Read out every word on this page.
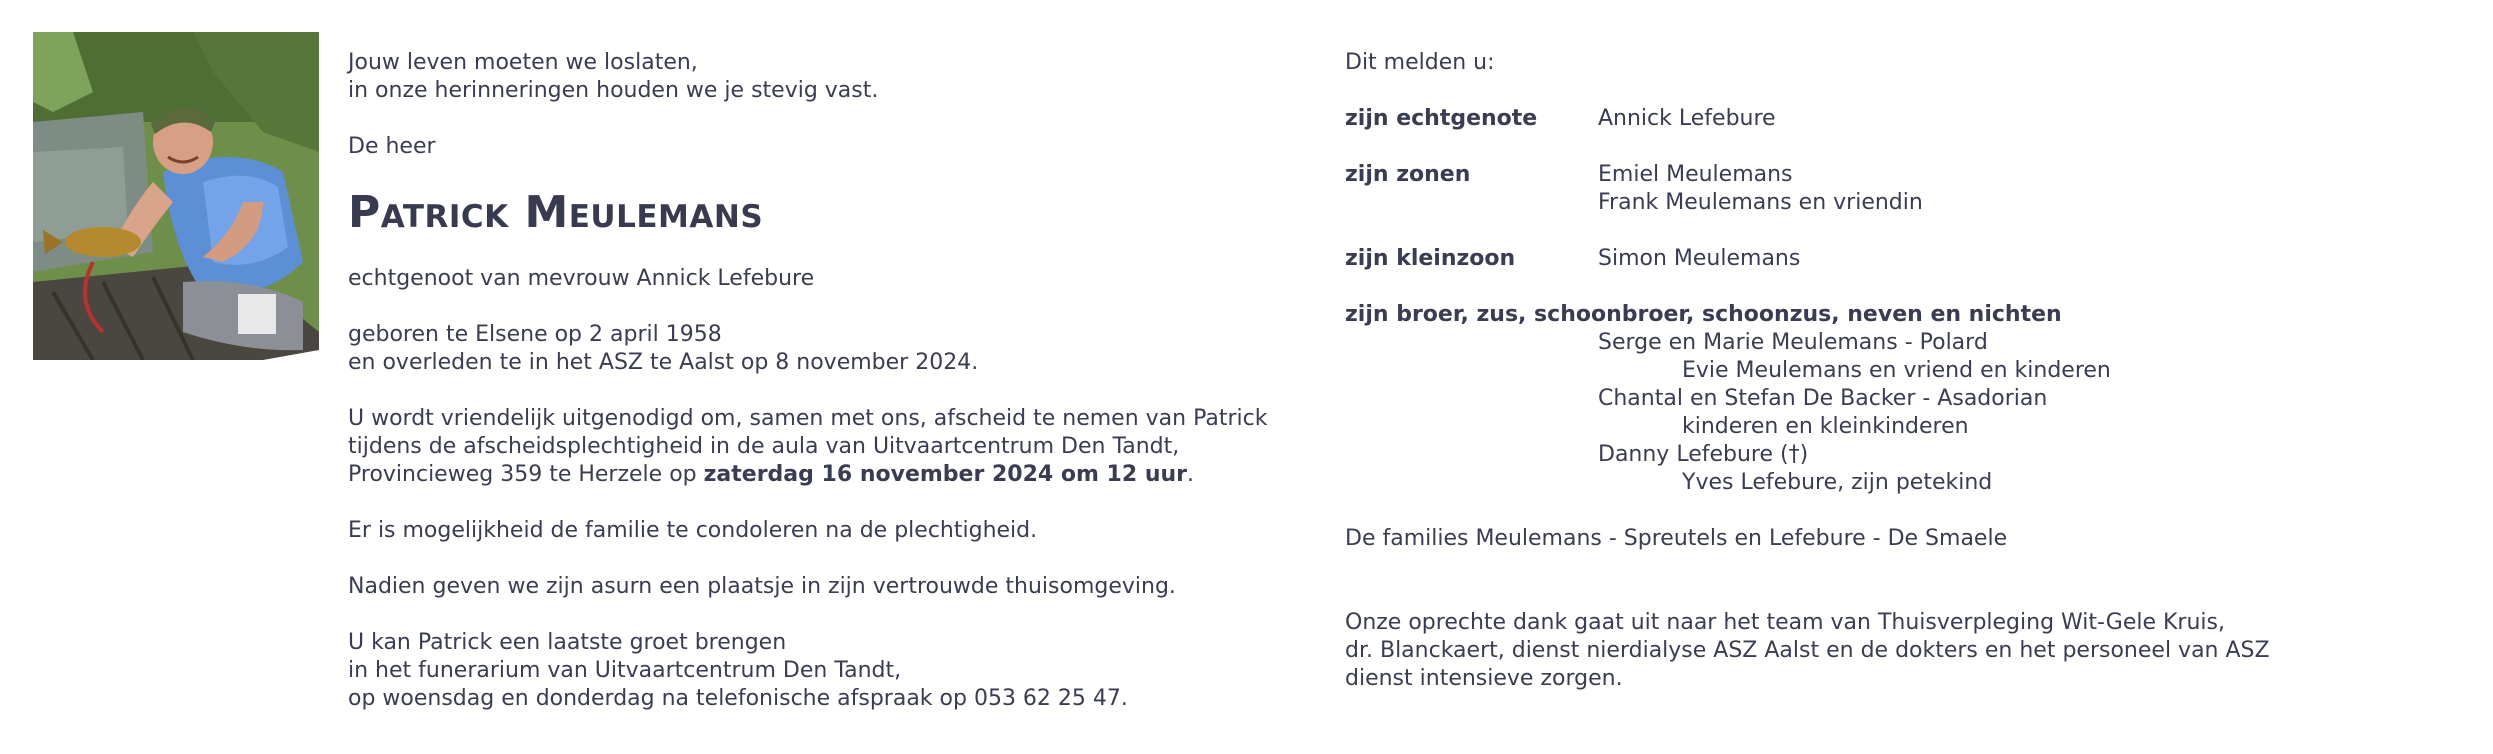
Jouw leven moeten we loslaten,

in onze herinneringen houden we je stevig vast.

De heer

Patrick Meulemans

echtgenoot van mevrouw Annick Lefebure

geboren te Elsene op 2 april 1958

en overleden te in het ASZ te Aalst op 8 november 2024.

U wordt vriendelijk uitgenodigd om, samen met ons, afscheid te nemen van Patrick

tijdens de afscheidsplechtigheid in de aula van Uitvaartcentrum Den Tandt,

Provincieweg 359 te Herzele op zaterdag 16 november 2024 om 12 uur.

Er is mogelijkheid de familie te condoleren na de plechtigheid.

Nadien geven we zijn asurn een plaatsje in zijn vertrouwde thuisomgeving.

U kan Patrick een laatste groet brengen

in het funerarium van Uitvaartcentrum Den Tandt,

op woensdag en donderdag na telefonische afspraak op 053 62 25 47.

Dit melden u:

zijn echtgenote	Annick Lefebure

zijn zonen	Emiel Meulemans

Frank Meulemans en vriendin

zijn kleinzoon	Simon Meulemans

zijn broer, zus, schoonbroer, schoonzus, neven en nichten

Serge en Marie Meulemans - Polard

Evie Meulemans en vriend en kinderen

Chantal en Stefan De Backer - Asadorian

kinderen en kleinkinderen

Danny Lefebure (†)

Yves Lefebure, zijn petekind

De families Meulemans - Spreutels en Lefebure - De Smaele

Onze oprechte dank gaat uit naar het team van Thuisverpleging Wit-Gele Kruis,

dr. Blanckaert, dienst nierdialyse ASZ Aalst en de dokters en het personeel van ASZ

dienst intensieve zorgen.
